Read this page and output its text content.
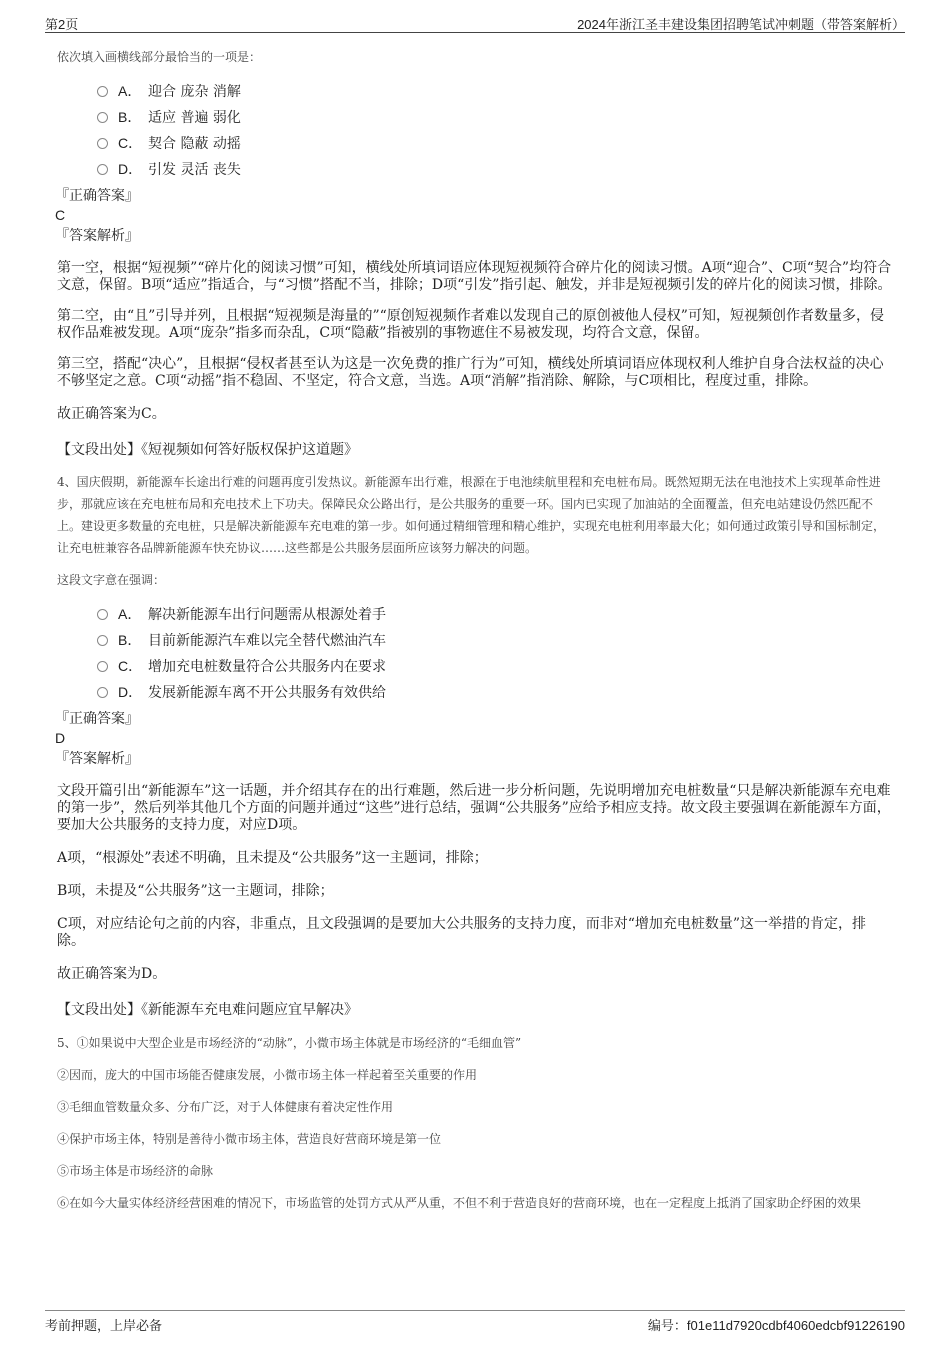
第2页	2024年浙江圣丰建设集团招聘笔试冲刺题（带答案解析）
依次填入画横线部分最恰当的一项是：
A． 迎合 庞杂 消解
B． 适应 普遍 弱化
C． 契合 隐蔽 动摇
D． 引发 灵活 丧失
『正确答案』
C
『答案解析』
第一空，根据“短视频”“碎片化的阅读习惯”可知，横线处所填词语应体现短视频符合碎片化的阅读习惯。A项“迎合”、C项“契合”均符合文意，保留。B项“适应”指适合，与“习惯”搭配不当，排除；D项“引发”指引起、触发，并非是短视频引发的碎片化的阅读习惯，排除。
第二空，由“且”引导并列，且根据“短视频是海量的”“原创短视频作者难以发现自己的原创被他人侵权”可知，短视频创作者数量多，侵权作品难被发现。A项“庞杂”指多而杂乱，C项“隐蔽”指被别的事物遮住不易被发现，均符合文意，保留。
第三空，搭配“决心”，且根据“侵权者甚至认为这是一次免费的推广行为”可知，横线处所填词语应体现权利人维护自身合法权益的决心不够坚定之意。C项“动摇”指不稳固、不坚定，符合文意，当选。A项“消解”指消除、解除，与C项相比，程度过重，排除。
故正确答案为C。
【文段出处】《短视频如何答好版权保护这道题》
4、国庆假期，新能源车长途出行难的问题再度引发热议。新能源车出行难，根源在于电池续航里程和充电桩布局。既然短期无法在电池技术上实现革命性进步，那就应该在充电桩布局和充电技术上下功夫。保障民众公路出行，是公共服务的重要一环。国内已实现了加油站的全面覆盖，但充电站建设仍然匹配不上。建设更多数量的充电桩，只是解决新能源车充电难的第一步。如何通过精细管理和精心维护，实现充电桩利用率最大化；如何通过政策引导和国标制定，让充电桩兼容各品牌新能源车快充协议……这些都是公共服务层面所应该努力解决的问题。
这段文字意在强调：
A． 解决新能源车出行问题需从根源处着手
B． 目前新能源汽车难以完全替代燃油汽车
C． 增加充电桩数量符合公共服务内在要求
D． 发展新能源车离不开公共服务有效供给
『正确答案』
D
『答案解析』
文段开篇引出“新能源车”这一话题，并介绍其存在的出行难题，然后进一步分析问题，先说明增加充电桩数量“只是解决新能源车充电难的第一步”，然后列举其他几个方面的问题并通过“这些”进行总结，强调“公共服务”应给予相应支持。故文段主要强调在新能源车方面，要加大公共服务的支持力度，对应D项。
A项，“根源处”表述不明确，且未提及“公共服务”这一主题词，排除；
B项，未提及“公共服务”这一主题词，排除；
C项，对应结论句之前的内容，非重点，且文段强调的是要加大公共服务的支持力度，而非对“增加充电桩数量”这一举措的肯定，排除。
故正确答案为D。
【文段出处】《新能源车充电难问题应宜早解决》
5、①如果说中大型企业是市场经济的“动脉”，小微市场主体就是市场经济的“毛细血管”
②因而，庞大的中国市场能否健康发展，小微市场主体一样起着至关重要的作用
③毛细血管数量众多、分布广泛，对于人体健康有着决定性作用
④保护市场主体，特别是善待小微市场主体，营造良好营商环境是第一位
⑤市场主体是市场经济的命脉
⑥在如今大量实体经济经营困难的情况下，市场监管的处罚方式从严从重，不但不利于营造良好的营商环境，也在一定程度上抵消了国家助企纾困的效果
考前押题，上岸必备	编号：f01e11d7920cdbf4060edcbf91226190
